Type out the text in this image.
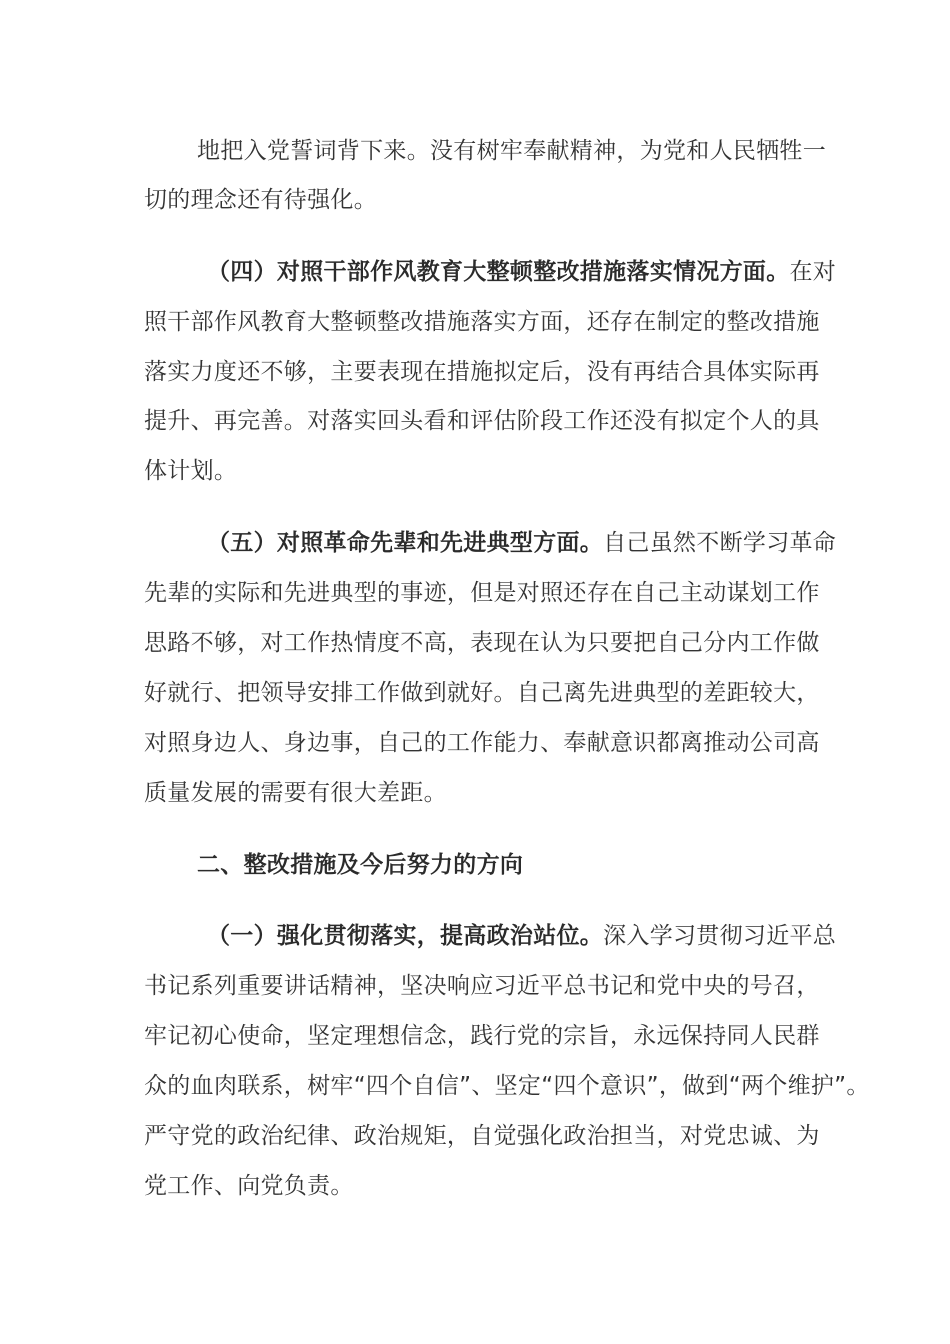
地把入党誓词背下来。没有树牢奉献精神，为党和人民牺牲一
切的理念还有待强化。
（四）对照干部作风教育大整顿整改措施落实情况方面。在对
照干部作风教育大整顿整改措施落实方面，还存在制定的整改措施
落实力度还不够，主要表现在措施拟定后，没有再结合具体实际再
提升、再完善。对落实回头看和评估阶段工作还没有拟定个人的具
体计划。
（五）对照革命先辈和先进典型方面。自己虽然不断学习革命
先辈的实际和先进典型的事迹，但是对照还存在自己主动谋划工作
思路不够，对工作热情度不高，表现在认为只要把自己分内工作做
好就行、把领导安排工作做到就好。自己离先进典型的差距较大，
对照身边人、身边事，自己的工作能力、奉献意识都离推动公司高
质量发展的需要有很大差距。
二、整改措施及今后努力的方向
（一）强化贯彻落实，提高政治站位。深入学习贯彻习近平总
书记系列重要讲话精神，坚决响应习近平总书记和党中央的号召，
牢记初心使命，坚定理想信念，践行党的宗旨，永远保持同人民群
众的血肉联系，树牢“四个自信”、坚定“四个意识”，做到“两个维护”。
严守党的政治纪律、政治规矩，自觉强化政治担当，对党忠诚、为
党工作、向党负责。
